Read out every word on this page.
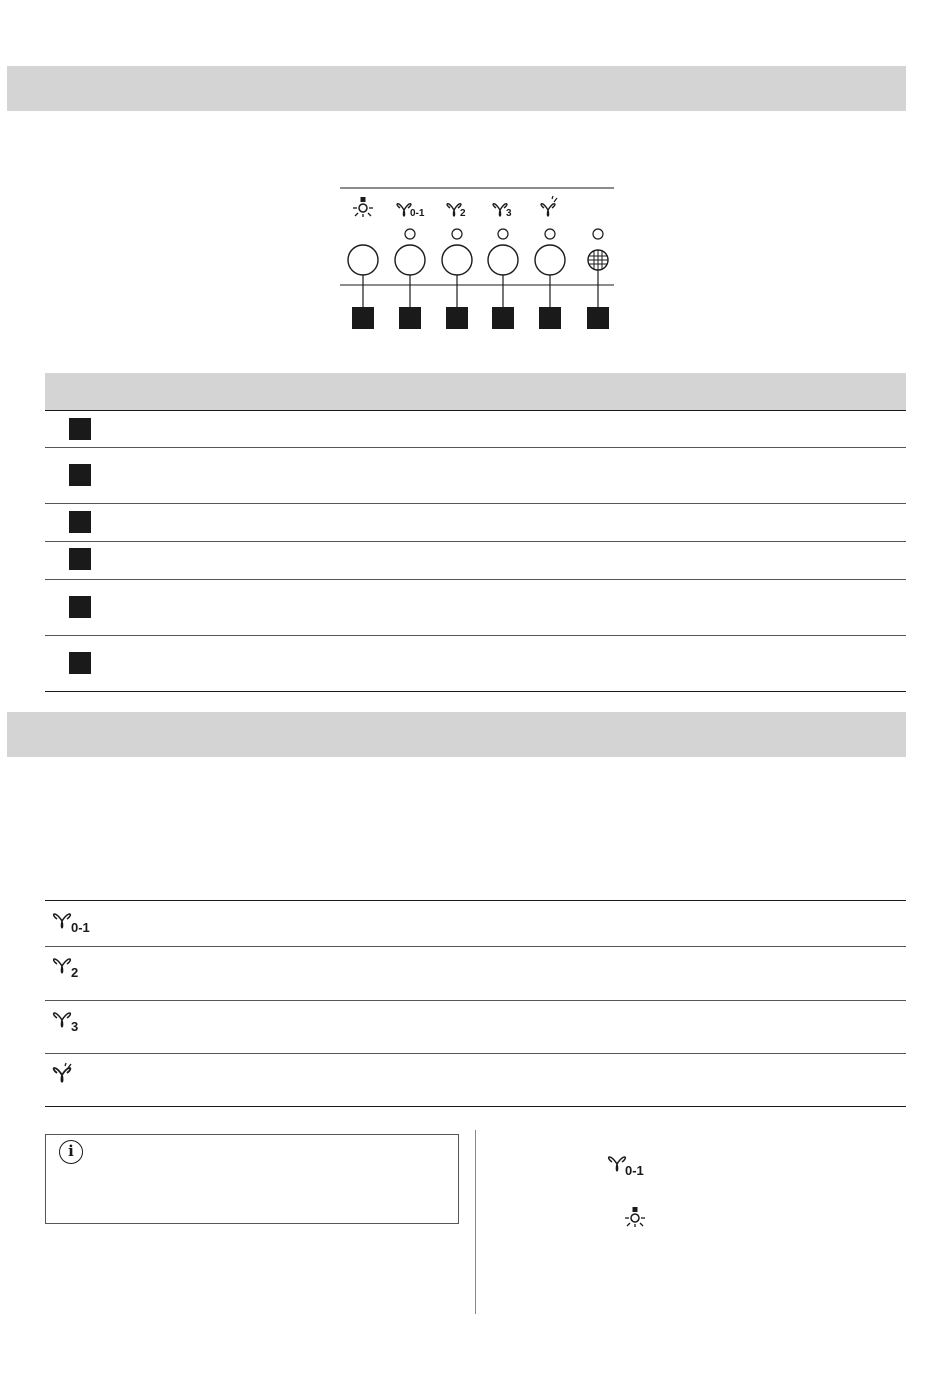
0-1	2	3
0-1
2
3
i
0-1
